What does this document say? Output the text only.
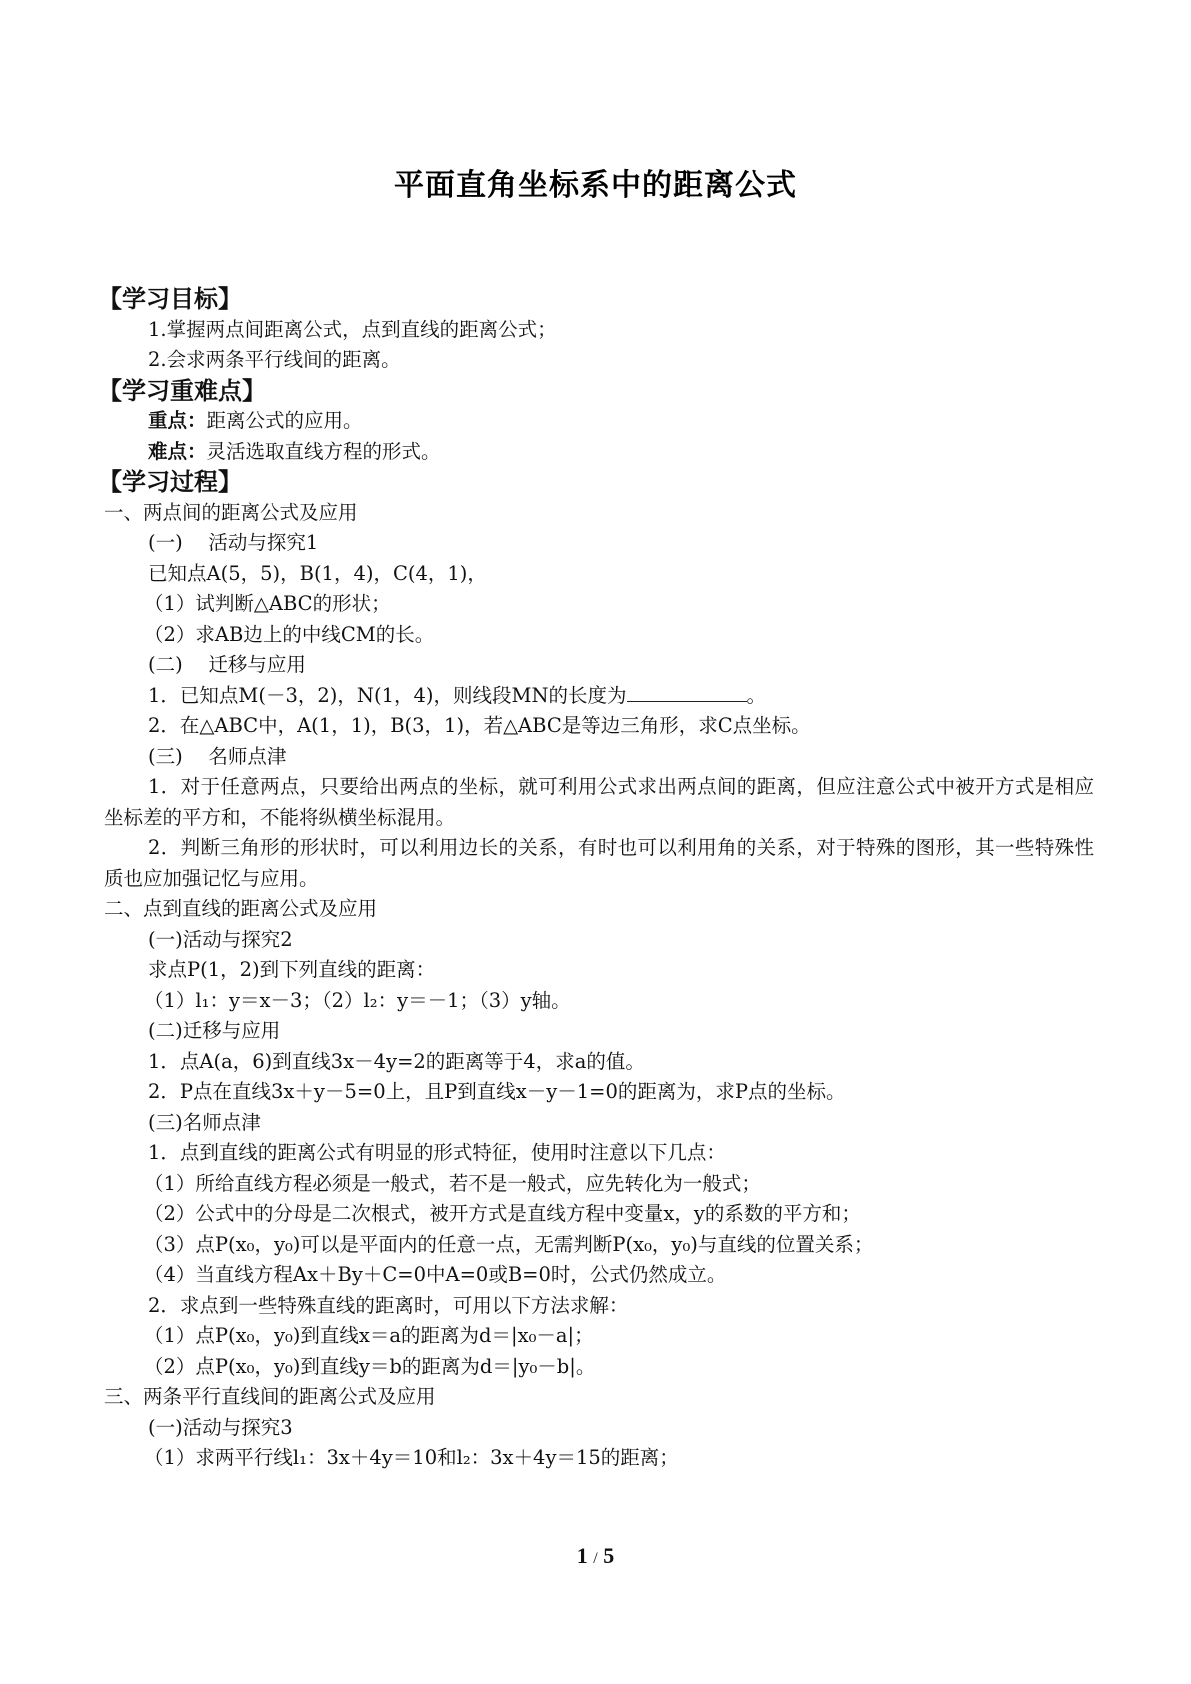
平面直角坐标系中的距离公式
【学习目标】
1.掌握两点间距离公式，点到直线的距离公式；
2.会求两条平行线间的距离。
【学习重难点】
重点：距离公式的应用。
难点：灵活选取直线方程的形式。
【学习过程】
一、两点间的距离公式及应用
(一)　 活动与探究1
已知点A(5，5)，B(1，4)，C(4，1)，
（1）试判断△ABC的形状；
（2）求AB边上的中线CM的长。
(二)　 迁移与应用
1．已知点M(－3，2)，N(1，4)，则线段MN的长度为	。
2．在△ABC中，A(1，1)，B(3，1)，若△ABC是等边三角形，求C点坐标。
(三)　 名师点津
1．对于任意两点，只要给出两点的坐标，就可利用公式求出两点间的距离，但应注意公式中被开方式是相应坐标差的平方和，不能将纵横坐标混用。
2．判断三角形的形状时，可以利用边长的关系，有时也可以利用角的关系，对于特殊的图形，其一些特殊性质也应加强记忆与应用。
二、点到直线的距离公式及应用
(一)活动与探究2
求点P(1，2)到下列直线的距离：
（1）l₁：y＝x－3；（2）l₂：y＝－1；（3）y轴。
(二)迁移与应用
1．点A(a，6)到直线3x－4y=2的距离等于4，求a的值。
2．P点在直线3x＋y－5=0上，且P到直线x－y－1=0的距离为，求P点的坐标。
(三)名师点津
1．点到直线的距离公式有明显的形式特征，使用时注意以下几点：
（1）所给直线方程必须是一般式，若不是一般式，应先转化为一般式；
（2）公式中的分母是二次根式，被开方式是直线方程中变量x，y的系数的平方和；
（3）点P(x₀，y₀)可以是平面内的任意一点，无需判断P(x₀，y₀)与直线的位置关系；
（4）当直线方程Ax＋By＋C=0中A=0或B=0时，公式仍然成立。
2．求点到一些特殊直线的距离时，可用以下方法求解：
（1）点P(x₀，y₀)到直线x＝a的距离为d＝|x₀－a|；
（2）点P(x₀，y₀)到直线y＝b的距离为d＝|y₀－b|。
三、两条平行直线间的距离公式及应用
(一)活动与探究3
（1）求两平行线l₁：3x＋4y＝10和l₂：3x＋4y＝15的距离；
1 / 5
